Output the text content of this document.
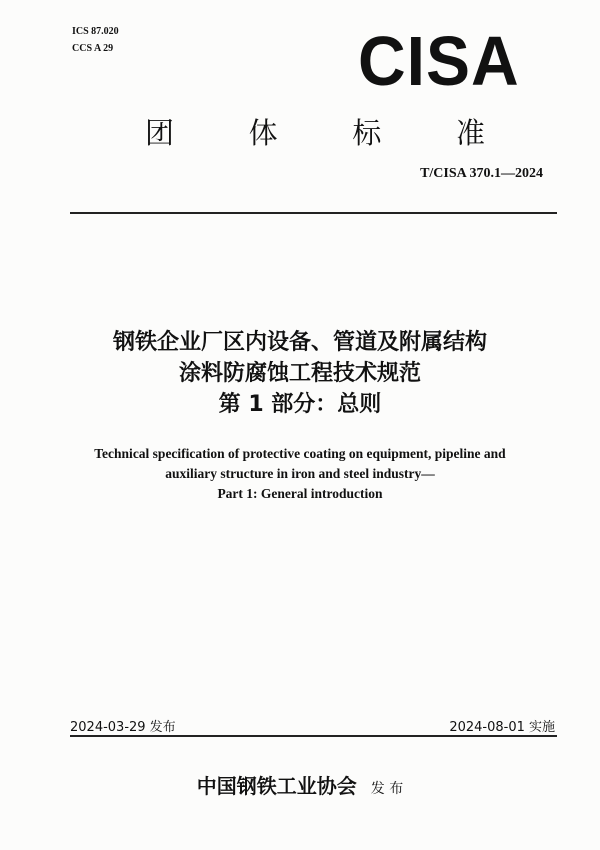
ICS 87.020
CCS A 29	CISA
团	体	标	准
T/CISA 370.1—2024
钢铁企业厂区内设备、管道及附属结构
涂料防腐蚀工程技术规范
第 1 部分：总则
Technical specification of protective coating on equipment, pipeline and
auxiliary structure in iron and steel industry—
Part 1: General introduction
2024-03-29 发布	2024-08-01 实施
中国钢铁工业协会 发 布
